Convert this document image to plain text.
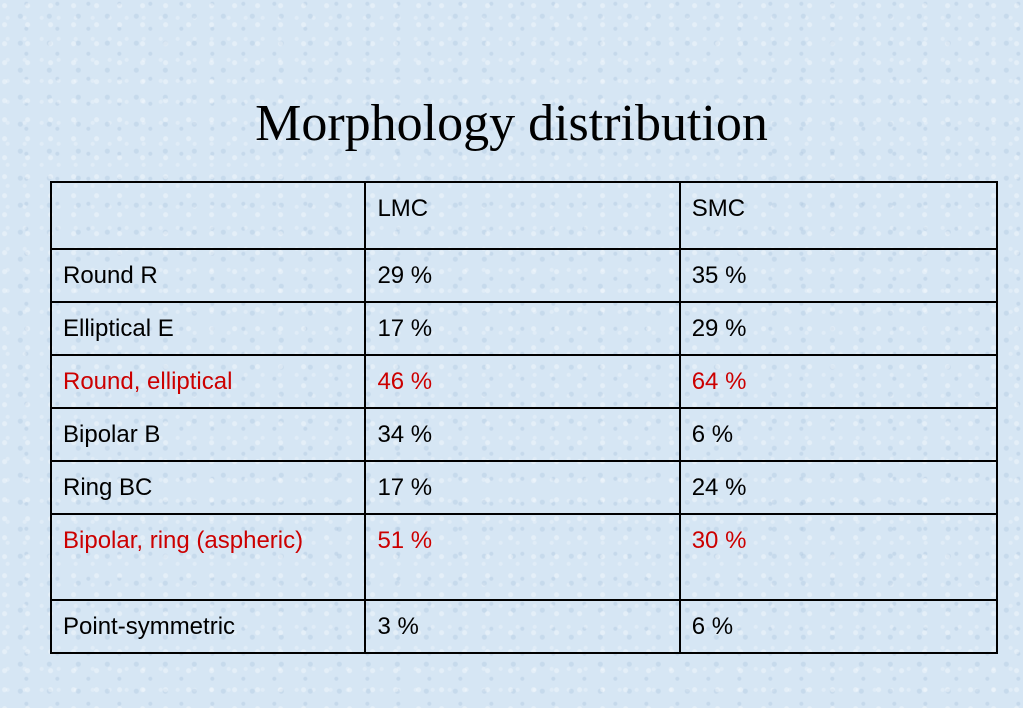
Morphology distribution
	LMC	SMC
Round R	29 %	35 %
Elliptical E	17 %	29 %
Round, elliptical	46 %	64 %
Bipolar B	34 %	6 %
Ring BC	17 %	24 %
Bipolar, ring (aspheric)	51 %	30 %
Point-symmetric	3 %	6 %
